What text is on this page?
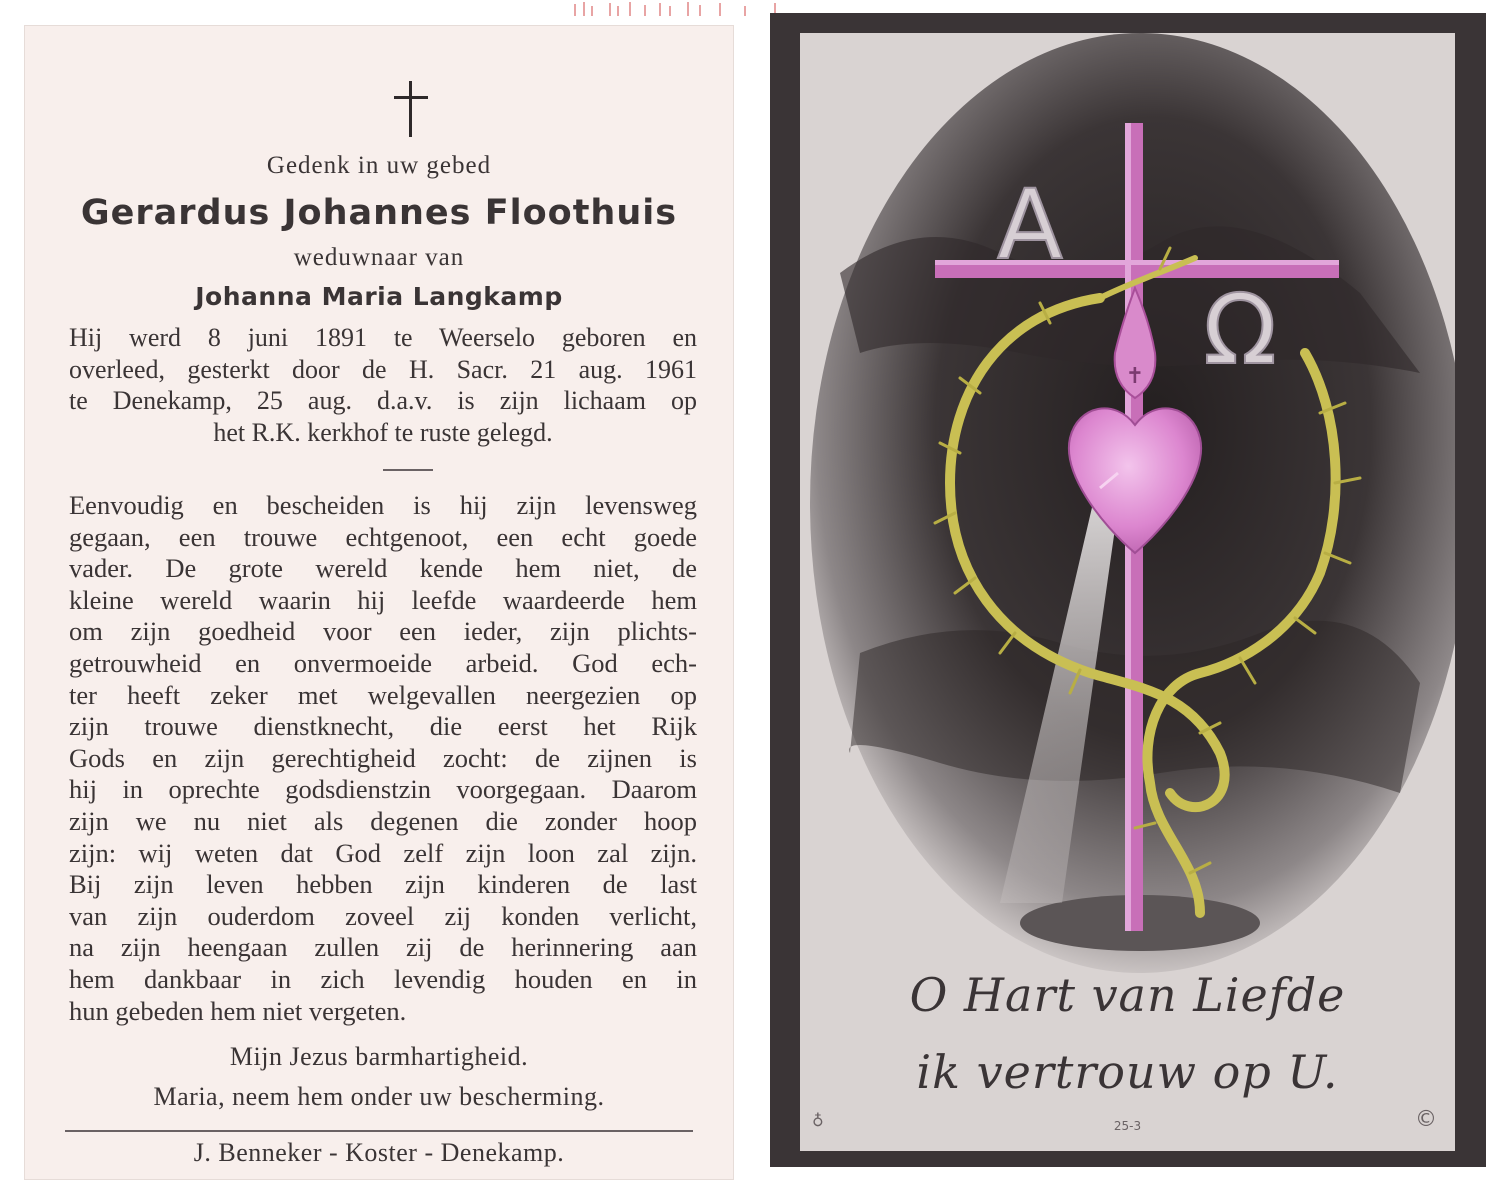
Gedenk in uw gebed
Gerardus Johannes Floothuis
weduwnaar van
Johanna Maria Langkamp
Hij werd 8 juni 1891 te Weerselo geboren en
overleed, gesterkt door de H. Sacr. 21 aug. 1961
te Denekamp, 25 aug. d.a.v. is zijn lichaam op
het R.K. kerkhof te ruste gelegd.
Eenvoudig en bescheiden is hij zijn levensweg
gegaan, een trouwe echtgenoot, een echt goede
vader. De grote wereld kende hem niet, de
kleine wereld waarin hij leefde waardeerde hem
om zijn goedheid voor een ieder, zijn plichts-
getrouwheid en onvermoeide arbeid. God ech-
ter heeft zeker met welgevallen neergezien op
zijn trouwe dienstknecht, die eerst het Rijk
Gods en zijn gerechtigheid zocht: de zijnen is
hij in oprechte godsdienstzin voorgegaan. Daarom
zijn we nu niet als degenen die zonder hoop
zijn: wij weten dat God zelf zijn loon zal zijn.
Bij zijn leven hebben zijn kinderen de last
van zijn ouderdom zoveel zij konden verlicht,
na zijn heengaan zullen zij de herinnering aan
hem dankbaar in zich levendig houden en in
hun gebeden hem niet vergeten.
Mijn Jezus barmhartigheid.
Maria, neem hem onder uw bescherming.
J. Benneker - Koster - Denekamp.
A
Ω
✝
O Hart van Liefde
ik vertrouw op U.
♁	25-3	©
